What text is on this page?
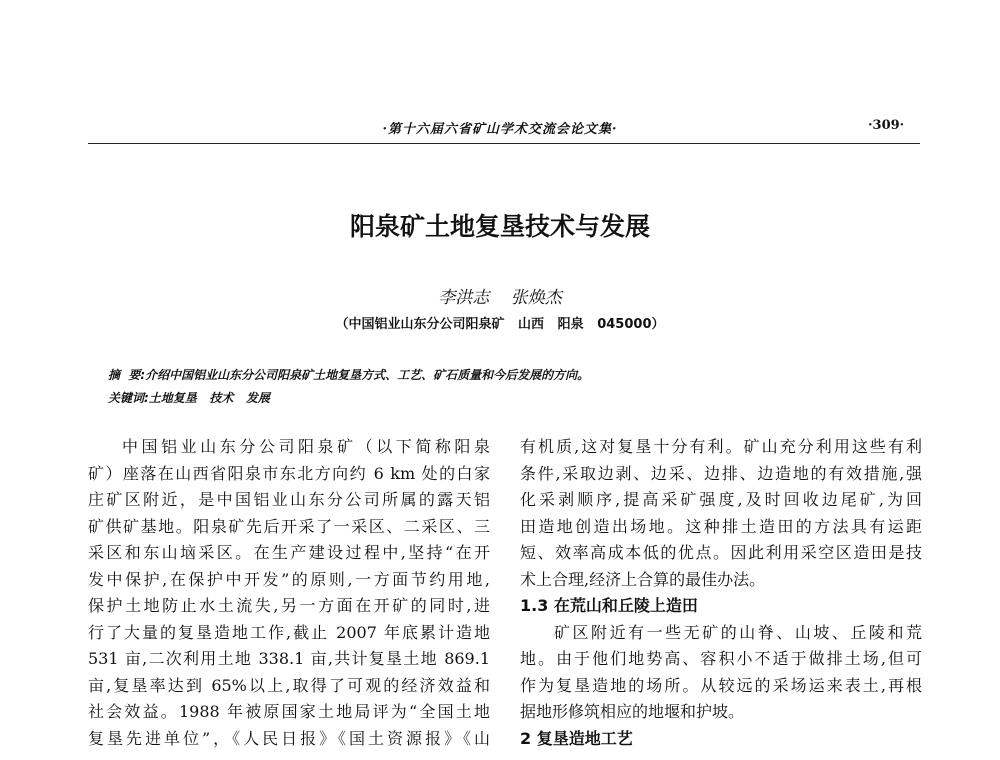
·第十六届六省矿山学术交流会论文集·	·309·
阳泉矿土地复垦技术与发展
李洪志 张焕杰
（中国铝业山东分公司阳泉矿   山西   阳泉   045000）
摘  要:介绍中国铝业山东分公司阳泉矿土地复垦方式、工艺、矿石质量和今后发展的方向。
关键词:土地复垦   技术   发展
中国铝业山东分公司阳泉矿（以下简称阳泉
矿）座落在山西省阳泉市东北方向约 6 km 处的白家
庄矿区附近，是中国铝业山东分公司所属的露天铝
矿供矿基地。阳泉矿先后开采了一采区、二采区、三
采区和东山垴采区。在生产建设过程中,坚持“在开
发中保护,在保护中开发”的原则,一方面节约用地,
保护土地防止水土流失,另一方面在开矿的同时,进
行了大量的复垦造地工作,截止 2007 年底累计造地
531 亩,二次利用土地 338.1 亩,共计复垦土地 869.1
亩,复垦率达到 65%以上,取得了可观的经济效益和
社会效益。1988 年被原国家土地局评为“全国土地
复垦先进单位”，《人民日报》《国土资源报》《山
有机质,这对复垦十分有利。矿山充分利用这些有利
条件,采取边剥、边采、边排、边造地的有效措施,强
化采剥顺序,提高采矿强度,及时回收边尾矿,为回
田造地创造出场地。这种排土造田的方法具有运距
短、效率高成本低的优点。因此利用采空区造田是技
术上合理,经济上合算的最佳办法。
1.3 在荒山和丘陵上造田
矿区附近有一些无矿的山脊、山坡、丘陵和荒
地。由于他们地势高、容积小不适于做排土场,但可
作为复垦造地的场所。从较远的采场运来表土,再根
据地形修筑相应的地堰和护坡。
2 复垦造地工艺
